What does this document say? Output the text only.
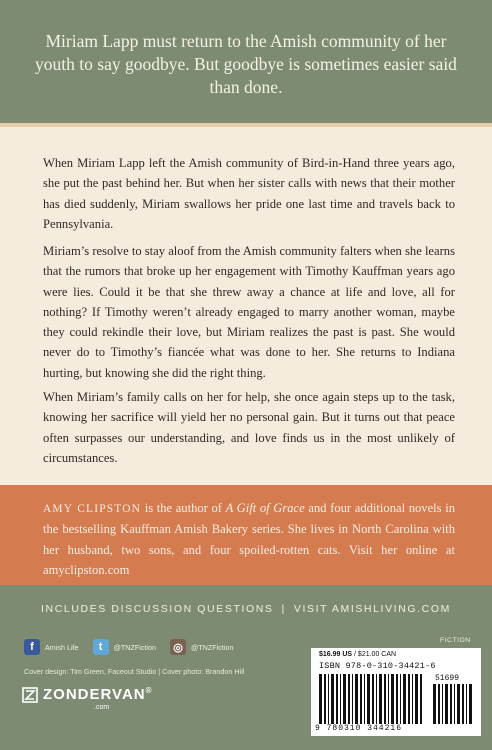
Miriam Lapp must return to the Amish community of her youth to say goodbye. But goodbye is sometimes easier said than done.

When Miriam Lapp left the Amish community of Bird-in-Hand three years ago, she put the past behind her. But when her sister calls with news that their mother has died suddenly, Miriam swallows her pride one last time and travels back to Pennsylvania.

Miriam’s resolve to stay aloof from the Amish community falters when she learns that the rumors that broke up her engagement with Timothy Kauffman years ago were lies. Could it be that she threw away a chance at life and love, all for nothing? If Timothy weren’t already engaged to marry another woman, maybe they could rekindle their love, but Miriam realizes the past is past. She would never do to Timothy’s fiancée what was done to her. She returns to Indiana hurting, but knowing she did the right thing.

When Miriam’s family calls on her for help, she once again steps up to the task, knowing her sacrifice will yield her no personal gain. But it turns out that peace often surpasses our understanding, and love finds us in the most unlikely of circumstances.

AMY CLIPSTON is the author of A Gift of Grace and four additional novels in the bestselling Kauffman Amish Bakery series. She lives in North Carolina with her husband, two sons, and four spoiled-rotten cats. Visit her online at amyclipston.com

INCLUDES DISCUSSION QUESTIONS | VISIT AMISHLIVING.COM
f	Amish Life	t	@TNZFiction ◎	@TNZFiction
Cover design: Tim Green, Faceout Studio | Cover photo: Brandon Hill
ZONDERVAN®
.com
FICTION
$16.99 US / $21.00 CAN
ISBN 978-0-310-34421-6
51699
9 780310 344216
